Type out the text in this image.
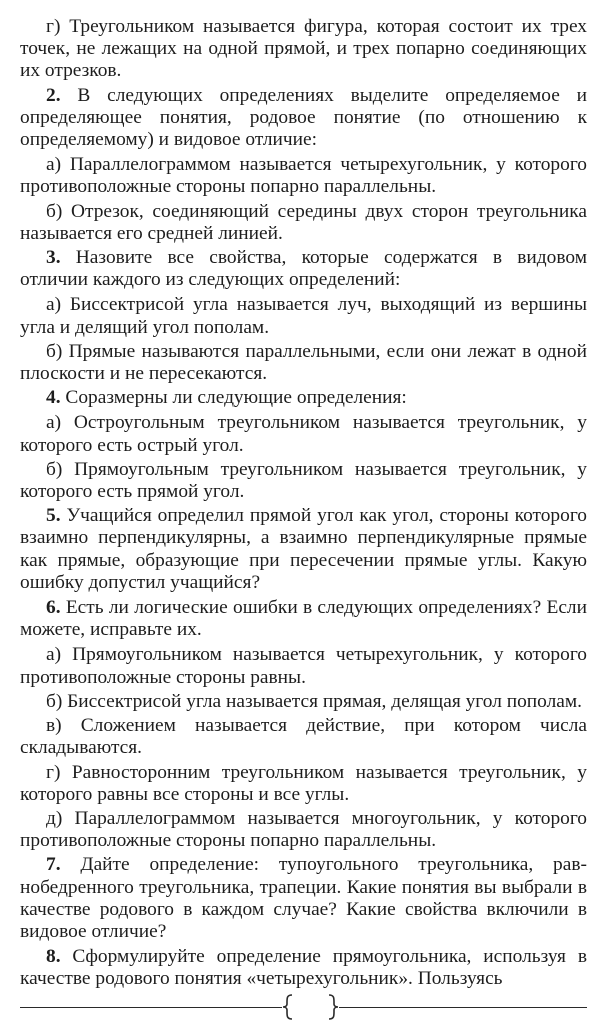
г) Треугольником называется фигура, которая состоит их трех точек, не лежащих на одной прямой, и трех попарно соединяющих их отрезков.

2. В следующих определениях выделите определяемое и определяющее понятия, родовое понятие (по отношению к определяемому) и видовое отличие:

а) Параллелограммом называется четырехугольник, у которого противоположные стороны попарно параллельны.

б) Отрезок, соединяющий середины двух сторон треугольника называется его средней линией.

3. Назовите все свойства, которые содержатся в видовом отличии каждого из следующих определений:

а) Биссектрисой угла называется луч, выходящий из вершины угла и делящий угол пополам.

б) Прямые называются параллельными, если они лежат в одной плоскости и не пересекаются.

4. Соразмерны ли следующие определения:

а) Остроугольным треугольником называется треугольник, у которого есть острый угол.

б) Прямоугольным треугольником называется треугольник, у которого есть прямой угол.

5. Учащийся определил прямой угол как угол, стороны которого взаимно перпендикулярны, а взаимно перпендикулярные прямые как прямые, образующие при пересечении прямые углы. Какую ошибку допустил учащийся?

6. Есть ли логические ошибки в следующих определениях? Если можете, исправьте их.

а) Прямоугольником называется четырехугольник, у которого противоположные стороны равны.

б) Биссектрисой угла называется прямая, делящая угол пополам.

в) Сложением называется действие, при котором числа складываются.

г) Равносторонним треугольником называется треугольник, у которого равны все стороны и все углы.

д) Параллелограммом называется многоугольник, у которого противоположные стороны попарно параллельны.

7. Дайте определение: тупоугольного треугольника, равнобедренного треугольника, трапеции. Какие понятия вы выбрали в качестве родового в каждом случае? Какие свойства включили в видовое отличие?

8. Сформулируйте определение прямоугольника, используя в качестве родового понятия «четырехугольник». Пользуясь
